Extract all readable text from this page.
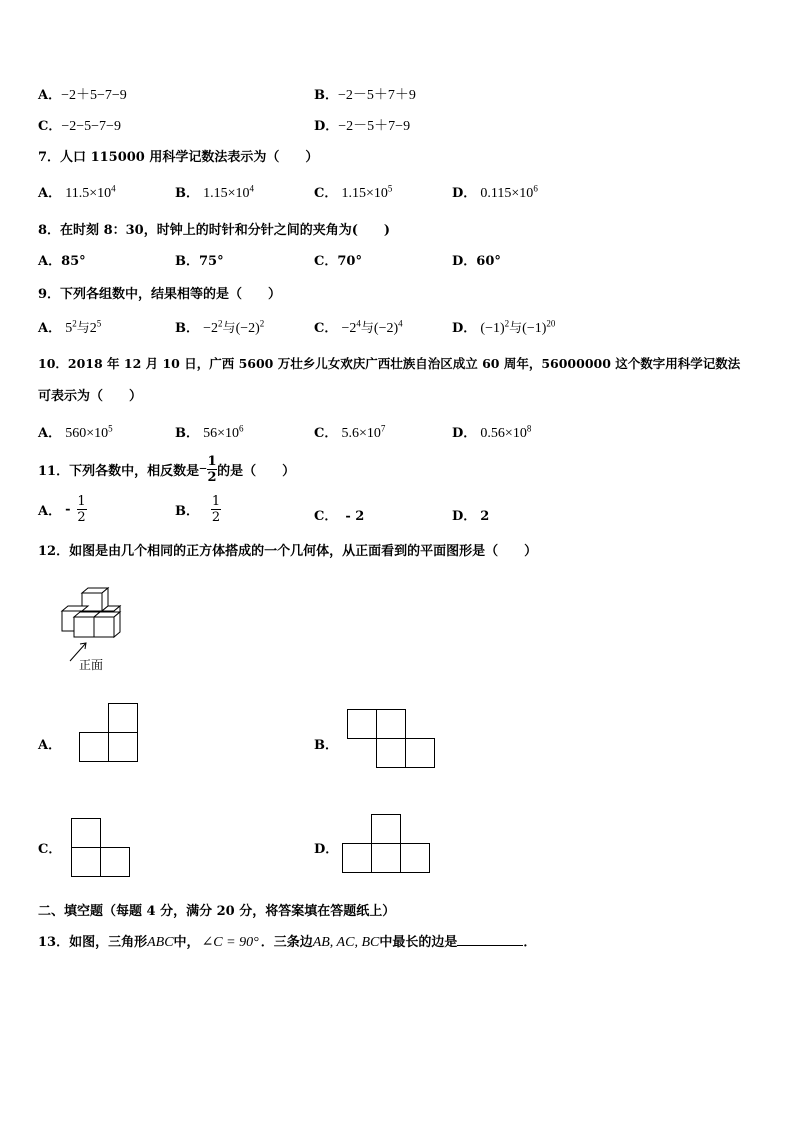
A．−2＋5−7−9	B．−2－5＋7＋9
C．−2−5−7−9	D．−2－5＋7−9
7．人口 115000 用科学记数法表示为（　　）
A． $11.5\times 10^4$	B． $1.15\times 10^4$	C． $1.15\times 10^5$	D． $0.115\times 10^6$
8．在时刻 8：30，时钟上的时针和分针之间的夹角为(　　)
A．85°	B．75°	C．70°	D．60°
9．下列各组数中，结果相等的是（　　）
A． $5^2$与$2^5$	B． $-2^2$与$(-2)^2$	C． $-2^4$与$(-2)^4$	D． $(-1)^2$与$(-1)^{20}$
10．2018 年 12 月 10 日，广西 5600 万壮乡儿女欢庆广西壮族自治区成立 60 周年，56000000 这个数字用科学记数法
可表示为（　　）
A． $560\times 10^5$	B． $56\times 10^6$	C． $5.6\times 10^7$	D． $0.56\times 10^8$
11．下列各数中，相反数是 − $\frac{1}{2}$ 的是（　　）
A． - $\frac{1}{2}$	B． $\frac{1}{2}$	C． - 2	D． 2
12．如图是由几个相同的正方体搭成的一个几何体，从正面看到的平面图形是（　　）
正面
A．	B．
C．	D．
二、填空题（每题 4 分，满分 20 分，将答案填在答题纸上）
13．如图，三角形ABC中， ∠C = 90° ．三条边AB, AC, BC中最长的边是	．
